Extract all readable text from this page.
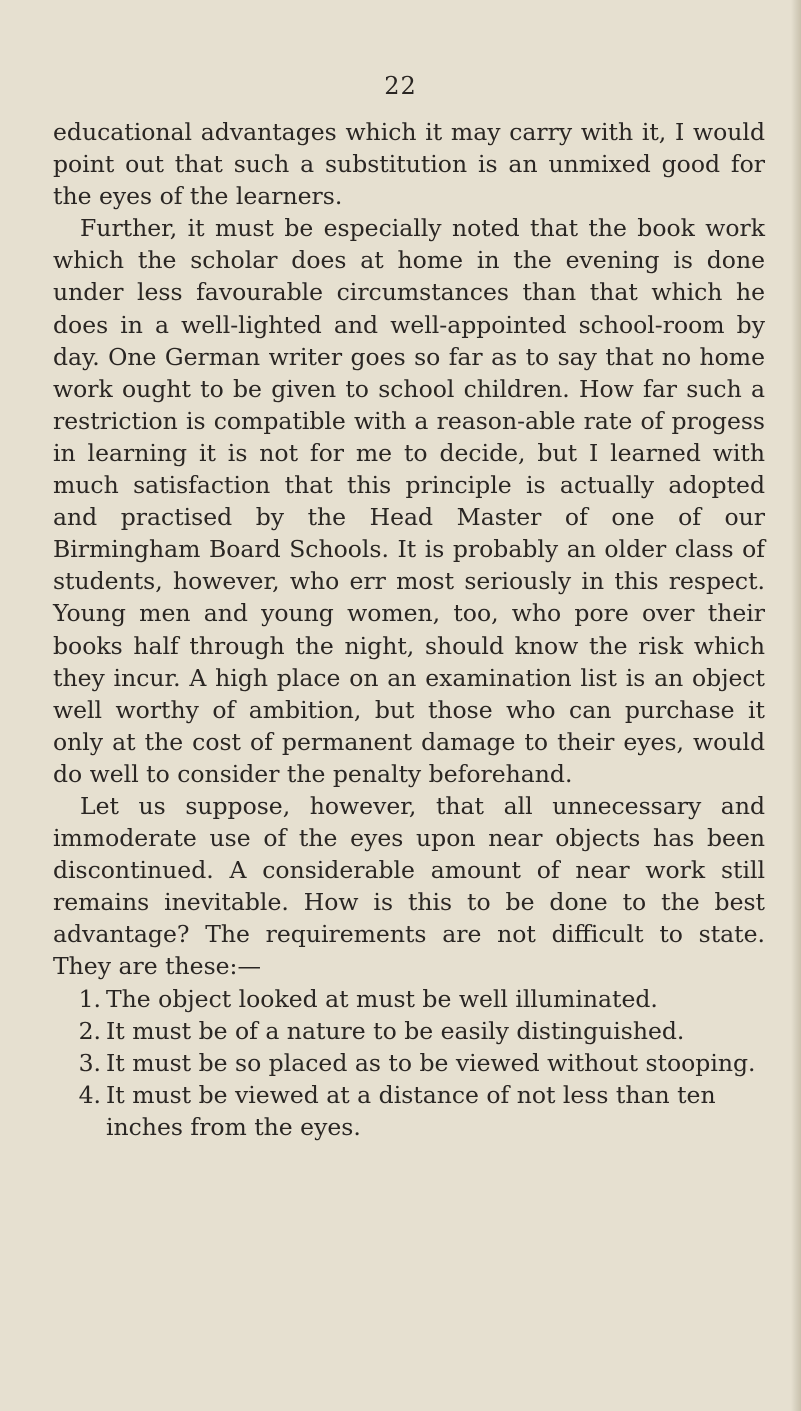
22

educational advantages which it may carry with it, I would point out that such a substitution is an unmixed good for the eyes of the learners.

Further, it must be especially noted that the book work which the scholar does at home in the evening is done under less favourable circumstances than that which he does in a well-lighted and well-appointed school-room by day. One German writer goes so far as to say that no home work ought to be given to school children. How far such a restriction is compatible with a reason-able rate of progess in learning it is not for me to decide, but I learned with much satisfaction that this principle is actually adopted and practised by the Head Master of one of our Birmingham Board Schools. It is probably an older class of students, however, who err most seriously in this respect. Young men and young women, too, who pore over their books half through the night, should know the risk which they incur. A high place on an examination list is an object well worthy of ambition, but those who can purchase it only at the cost of permanent damage to their eyes, would do well to consider the penalty beforehand.

Let us suppose, however, that all unnecessary and immoderate use of the eyes upon near objects has been discontinued. A considerable amount of near work still remains inevitable. How is this to be done to the best advantage? The requirements are not difficult to state. They are these:—

1. The object looked at must be well illuminated.
2. It must be of a nature to be easily distinguished.
3. It must be so placed as to be viewed without stooping.
4. It must be viewed at a distance of not less than ten inches from the eyes.
